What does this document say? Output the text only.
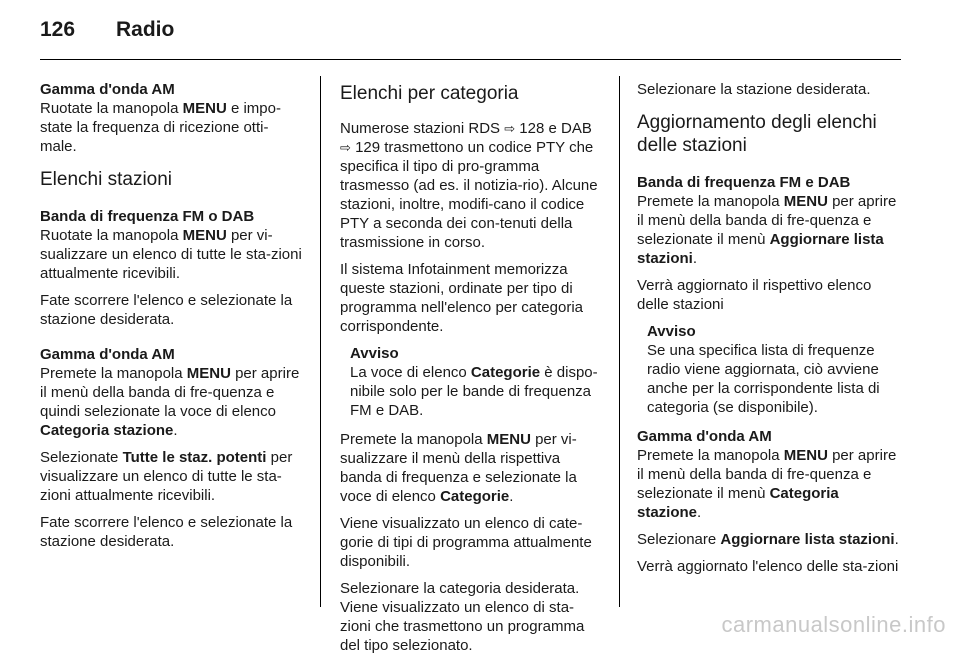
126 Radio

Gamma d'onda AM

Ruotate la manopola MENU e impo-state la frequenza di ricezione otti-male.

Elenchi stazioni

Banda di frequenza FM o DAB

Ruotate la manopola MENU per vi-sualizzare un elenco di tutte le sta-zioni attualmente ricevibili.

Fate scorrere l'elenco e selezionate la stazione desiderata.

Gamma d'onda AM

Premete la manopola MENU per aprire il menù della banda di fre-quenza e quindi selezionate la voce di elenco Categoria stazione.

Selezionate Tutte le staz. potenti per visualizzare un elenco di tutte le sta-zioni attualmente ricevibili.

Fate scorrere l'elenco e selezionate la stazione desiderata.

Elenchi per categoria

Numerose stazioni RDS ⇨ 128 e DAB ⇨ 129 trasmettono un codice PTY che specifica il tipo di pro-gramma trasmesso (ad es. il notizia-rio). Alcune stazioni, inoltre, modifi-cano il codice PTY a seconda dei con-tenuti della trasmissione in corso.

Il sistema Infotainment memorizza queste stazioni, ordinate per tipo di programma nell'elenco per categoria corrispondente.

Avviso
La voce di elenco Categorie è dispo-nibile solo per le bande di frequenza FM e DAB.

Premete la manopola MENU per vi-sualizzare il menù della rispettiva banda di frequenza e selezionate la voce di elenco Categorie.

Viene visualizzato un elenco di cate-gorie di tipi di programma attualmente disponibili.

Selezionare la categoria desiderata. Viene visualizzato un elenco di sta-zioni che trasmettono un programma del tipo selezionato.

Selezionare la stazione desiderata.

Aggiornamento degli elenchi delle stazioni

Banda di frequenza FM e DAB

Premete la manopola MENU per aprire il menù della banda di fre-quenza e selezionate il menù Aggiornare lista stazioni.

Verrà aggiornato il rispettivo elenco delle stazioni

Avviso
Se una specifica lista di frequenze radio viene aggiornata, ciò avviene anche per la corrispondente lista di categoria (se disponibile).

Gamma d'onda AM

Premete la manopola MENU per aprire il menù della banda di fre-quenza e selezionate il menù Categoria stazione.

Selezionare Aggiornare lista stazioni.

Verrà aggiornato l'elenco delle sta-zioni

carmanualsonline.info
